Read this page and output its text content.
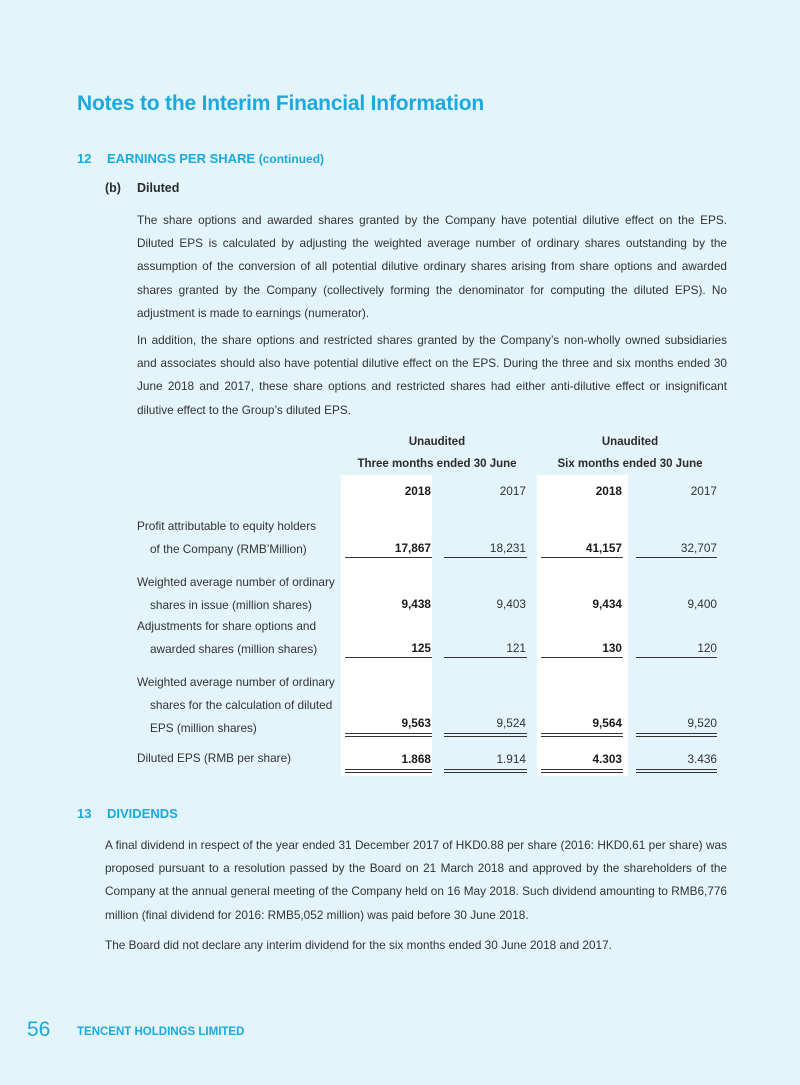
Notes to the Interim Financial Information
12 EARNINGS PER SHARE (continued)
(b) Diluted
The share options and awarded shares granted by the Company have potential dilutive effect on the EPS. Diluted EPS is calculated by adjusting the weighted average number of ordinary shares outstanding by the assumption of the conversion of all potential dilutive ordinary shares arising from share options and awarded shares granted by the Company (collectively forming the denominator for computing the diluted EPS). No adjustment is made to earnings (numerator).
In addition, the share options and restricted shares granted by the Company’s non-wholly owned subsidiaries and associates should also have potential dilutive effect on the EPS. During the three and six months ended 30 June 2018 and 2017, these share options and restricted shares had either anti-dilutive effect or insignificant dilutive effect to the Group’s diluted EPS.
Unaudited
Three months ended 30 June
Unaudited
Six months ended 30 June
2018	2017	2018	2017
Profit attributable to equity holders
of the Company (RMB’Million)	17,867	18,231	41,157	32,707
Weighted average number of ordinary
shares in issue (million shares)	9,438	9,403	9,434	9,400
Adjustments for share options and
awarded shares (million shares)	125	121	130	120
Weighted average number of ordinary
shares for the calculation of diluted
EPS (million shares)	9,563	9,524	9,564	9,520
Diluted EPS (RMB per share)	1.868	1.914	4.303	3.436
13 DIVIDENDS
A final dividend in respect of the year ended 31 December 2017 of HKD0.88 per share (2016: HKD0.61 per share) was proposed pursuant to a resolution passed by the Board on 21 March 2018 and approved by the shareholders of the Company at the annual general meeting of the Company held on 16 May 2018. Such dividend amounting to RMB6,776 million (final dividend for 2016: RMB5,052 million) was paid before 30 June 2018.
The Board did not declare any interim dividend for the six months ended 30 June 2018 and 2017.
56 TENCENT HOLDINGS LIMITED
